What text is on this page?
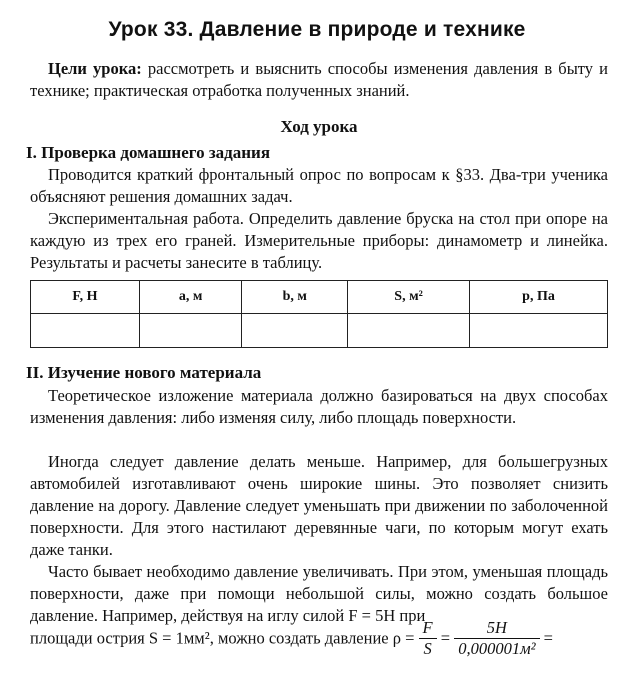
Урок 33. Давление в природе и технике

Цели урока: рассмотреть и выяснить способы изменения давления в быту и технике; практическая отработка полученных знаний.

Ход урока
I. Проверка домашнего задания

Проводится краткий фронтальный опрос по вопросам к §33. Два-три ученика объясняют решения домашних задач.

Экспериментальная работа. Определить давление бруска на стол при опоре на каждую из трех его граней. Измерительные приборы: динамометр и линейка. Результаты и расчеты занесите в таблицу.

F, Н	а, м	b, м	S, м²	р, Па

II. Изучение нового материала

Теоретическое изложение материала должно базироваться на двух способах изменения давления: либо изменяя силу, либо площадь поверхности.

Иногда следует давление делать меньше. Например, для большегрузных автомобилей изготавливают очень широкие шины. Это позволяет снизить давление на дорогу. Давление следует уменьшать при движении по заболоченной поверхности. Для этого настилают деревянные чаги, по которым могут ехать даже танки.

Часто бывает необходимо давление увеличивать. При этом, уменьшая площадь поверхности, даже при помощи небольшой силы, можно создать большое давление. Например, действуя на иглу силой F = 5Н при

площади острия S = 1мм², можно создать давление $\rho = \frac{F}{S} = \frac{5Н}{\text{0,000001м²}}$ =
